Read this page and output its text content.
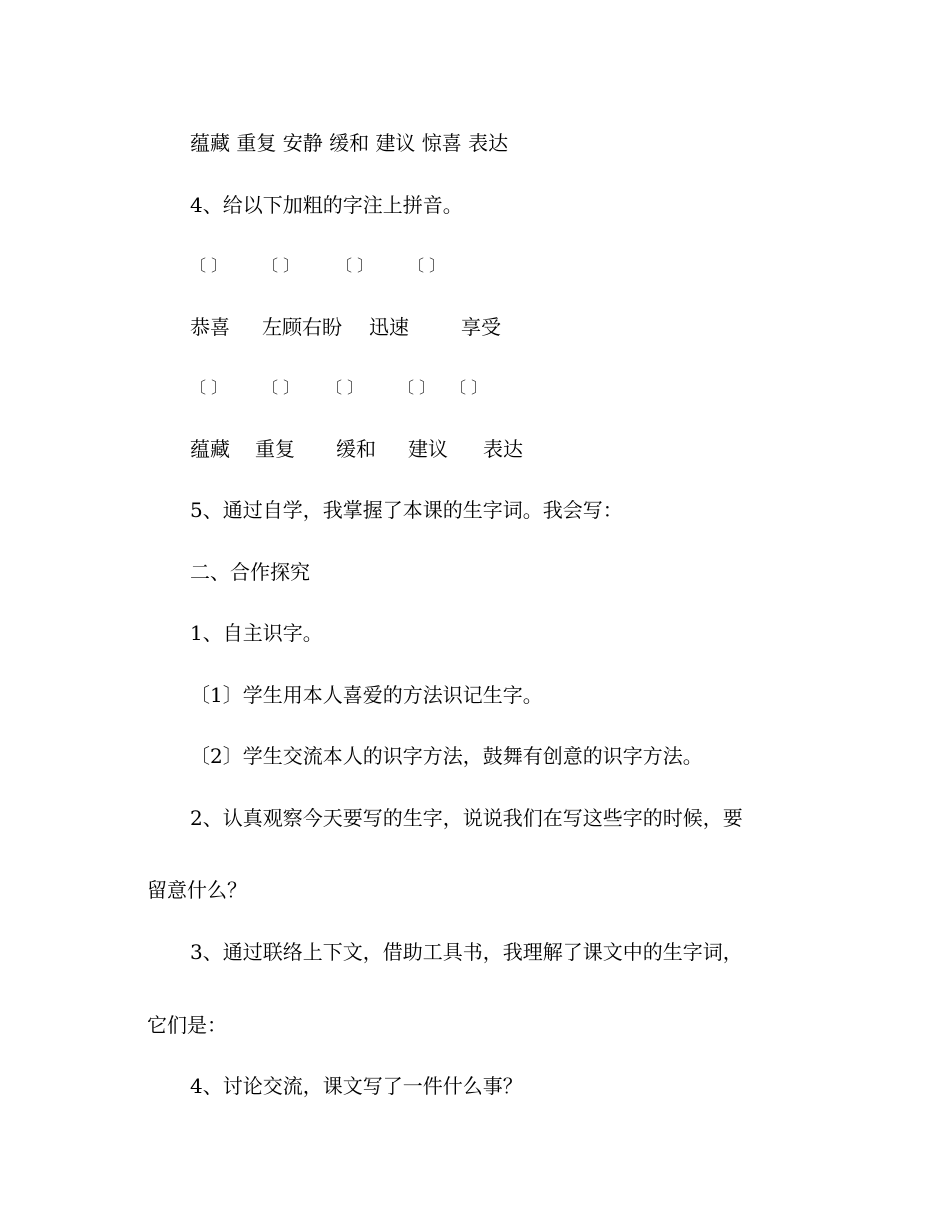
蕴藏 重复 安静 缓和 建议 惊喜 表达
4、给以下加粗的字注上拼音。
〔 〕 〔 〕 〔 〕 〔 〕
恭喜 左顾右盼 迅速	享受
〔 〕 〔 〕 〔 〕 〔 〕 〔 〕
蕴藏 重复 缓和 建议 表达
5、通过自学，我掌握了本课的生字词。我会写：
二、合作探究
1、自主识字。
〔1〕学生用本人喜爱的方法识记生字。
〔2〕学生交流本人的识字方法，鼓舞有创意的识字方法。
2、认真观察今天要写的生字，说说我们在写这些字的时候，要
留意什么？
3、通过联络上下文，借助工具书，我理解了课文中的生字词，
它们是：
4、讨论交流，课文写了一件什么事？
